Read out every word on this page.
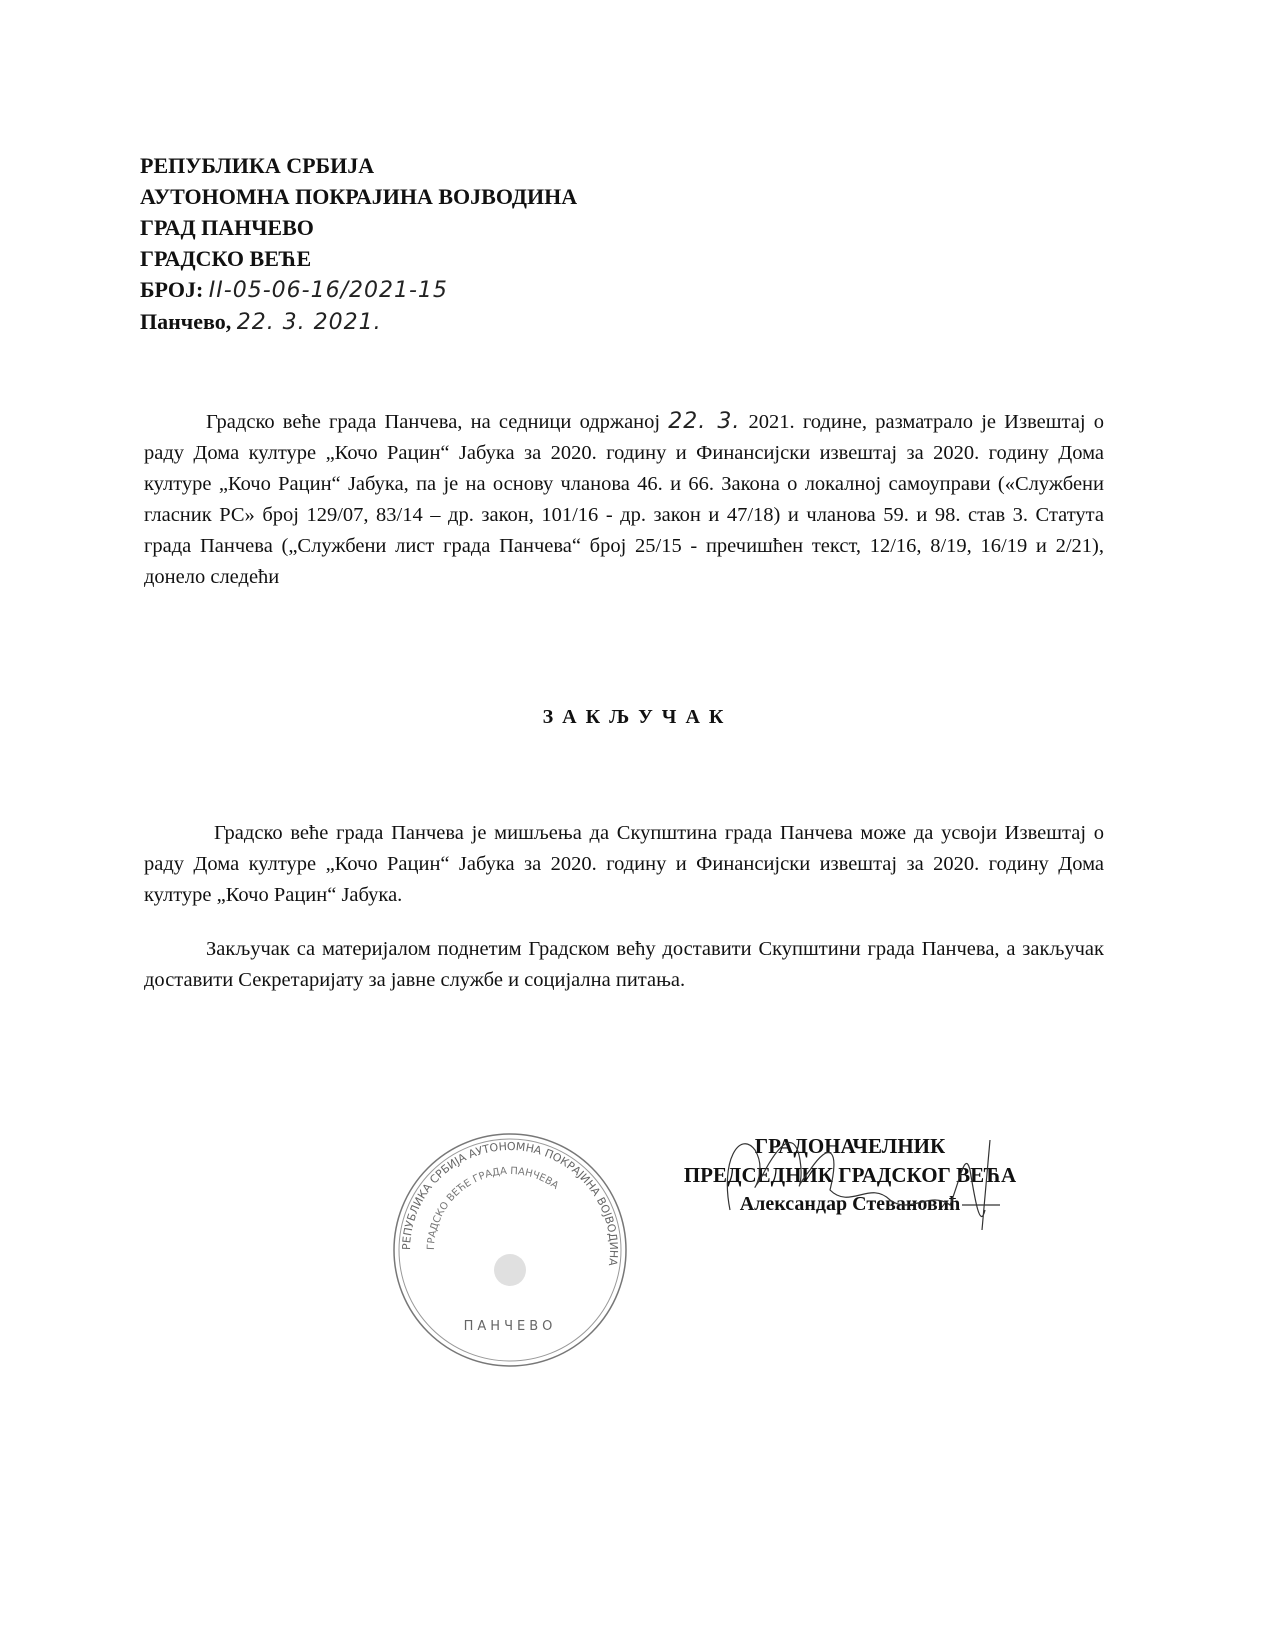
РЕПУБЛИКА СРБИЈА
АУТОНОМНА ПОКРАЈИНА ВОЈВОДИНА
ГРАД ПАНЧЕВО
ГРАДСКО ВЕЋЕ
БРОЈ: II-05-06-16/2021-15
Панчево, 22. 3. 2021.
Градско веће града Панчева, на седници одржаној 22. 3. 2021. године, разматрало је Извештај о раду Дома културе „Кочо Рацин“ Јабука за 2020. годину и Финансијски извештај за 2020. годину Дома културе „Кочо Рацин“ Јабука, па је на основу чланова 46. и 66. Закона о локалној самоуправи («Службени гласник РС» број 129/07, 83/14 – др. закон, 101/16 - др. закон и 47/18) и чланова 59. и 98. став 3. Статута града Панчева („Службени лист града Панчева“ број 25/15 - пречишћен текст, 12/16, 8/19, 16/19 и 2/21), донело следећи
ЗАКЉУЧАК
Градско веће града Панчева је мишљења да Скупштина града Панчева може да усвоји Извештај о раду Дома културе „Кочо Рацин“ Јабука за 2020. годину и Финансијски извештај за 2020. годину Дома културе „Кочо Рацин“ Јабука.
Закључак са материјалом поднетим Градском већу доставити Скупштини града Панчева, а закључак доставити Секретаријату за јавне службе и социјална питања.
РЕПУБЛИКА СРБИЈА АУТОНОМНА ПОКРАЈИНА ВОЈВОДИНА
ГРАДСКО ВЕЋЕ ГРАДА ПАНЧЕВА
ПАНЧЕВО
ГРАДОНАЧЕЛНИК
ПРЕДСЕДНИК ГРАДСКОГ ВЕЋА
Александар Стевановић
